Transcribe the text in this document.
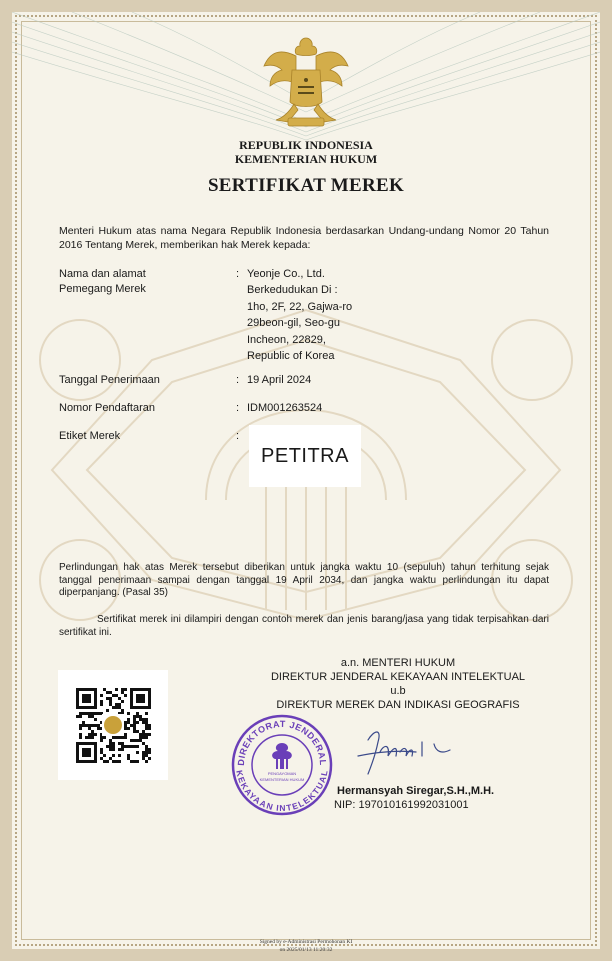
REPUBLIK INDONESIA
KEMENTERIAN HUKUM
SERTIFIKAT MEREK
Menteri Hukum atas nama Negara Republik Indonesia berdasarkan Undang-undang Nomor 20 Tahun 2016 Tentang Merek, memberikan hak Merek kepada:
Nama dan alamat
Pemegang Merek
: Yeonje Co., Ltd.
Berkedudukan Di :
1ho, 2F, 22, Gajwa-ro
29beon-gil, Seo-gu
Incheon, 22829,
Republic of Korea
Tanggal Penerimaan	: 19 April 2024
Nomor Pendaftaran	: IDM001263524
Etiket Merek	:
PETITRA
Perlindungan hak atas Merek tersebut diberikan untuk jangka waktu 10 (sepuluh) tahun terhitung sejak tanggal penerimaan sampai dengan tanggal 19 April 2034, dan jangka waktu perlindungan itu dapat diperpanjang. (Pasal 35)
Sertifikat merek ini dilampiri dengan contoh merek dan jenis barang/jasa yang tidak terpisahkan dari sertifikat ini.
a.n. MENTERI HUKUM
DIREKTUR JENDERAL KEKAYAAN INTELEKTUAL
u.b
DIREKTUR MEREK DAN INDIKASI GEOGRAFIS
DIREKTORAT JENDERAL
KEKAYAAN INTELEKTUAL
PENGAYOMAN
KEMENTERIAN HUKUM
Hermansyah Siregar,S.H.,M.H.
NIP: 197010161992031001
Signed by e-Administrasi Permohonan KI
on 2025/01/13 11:20:32
